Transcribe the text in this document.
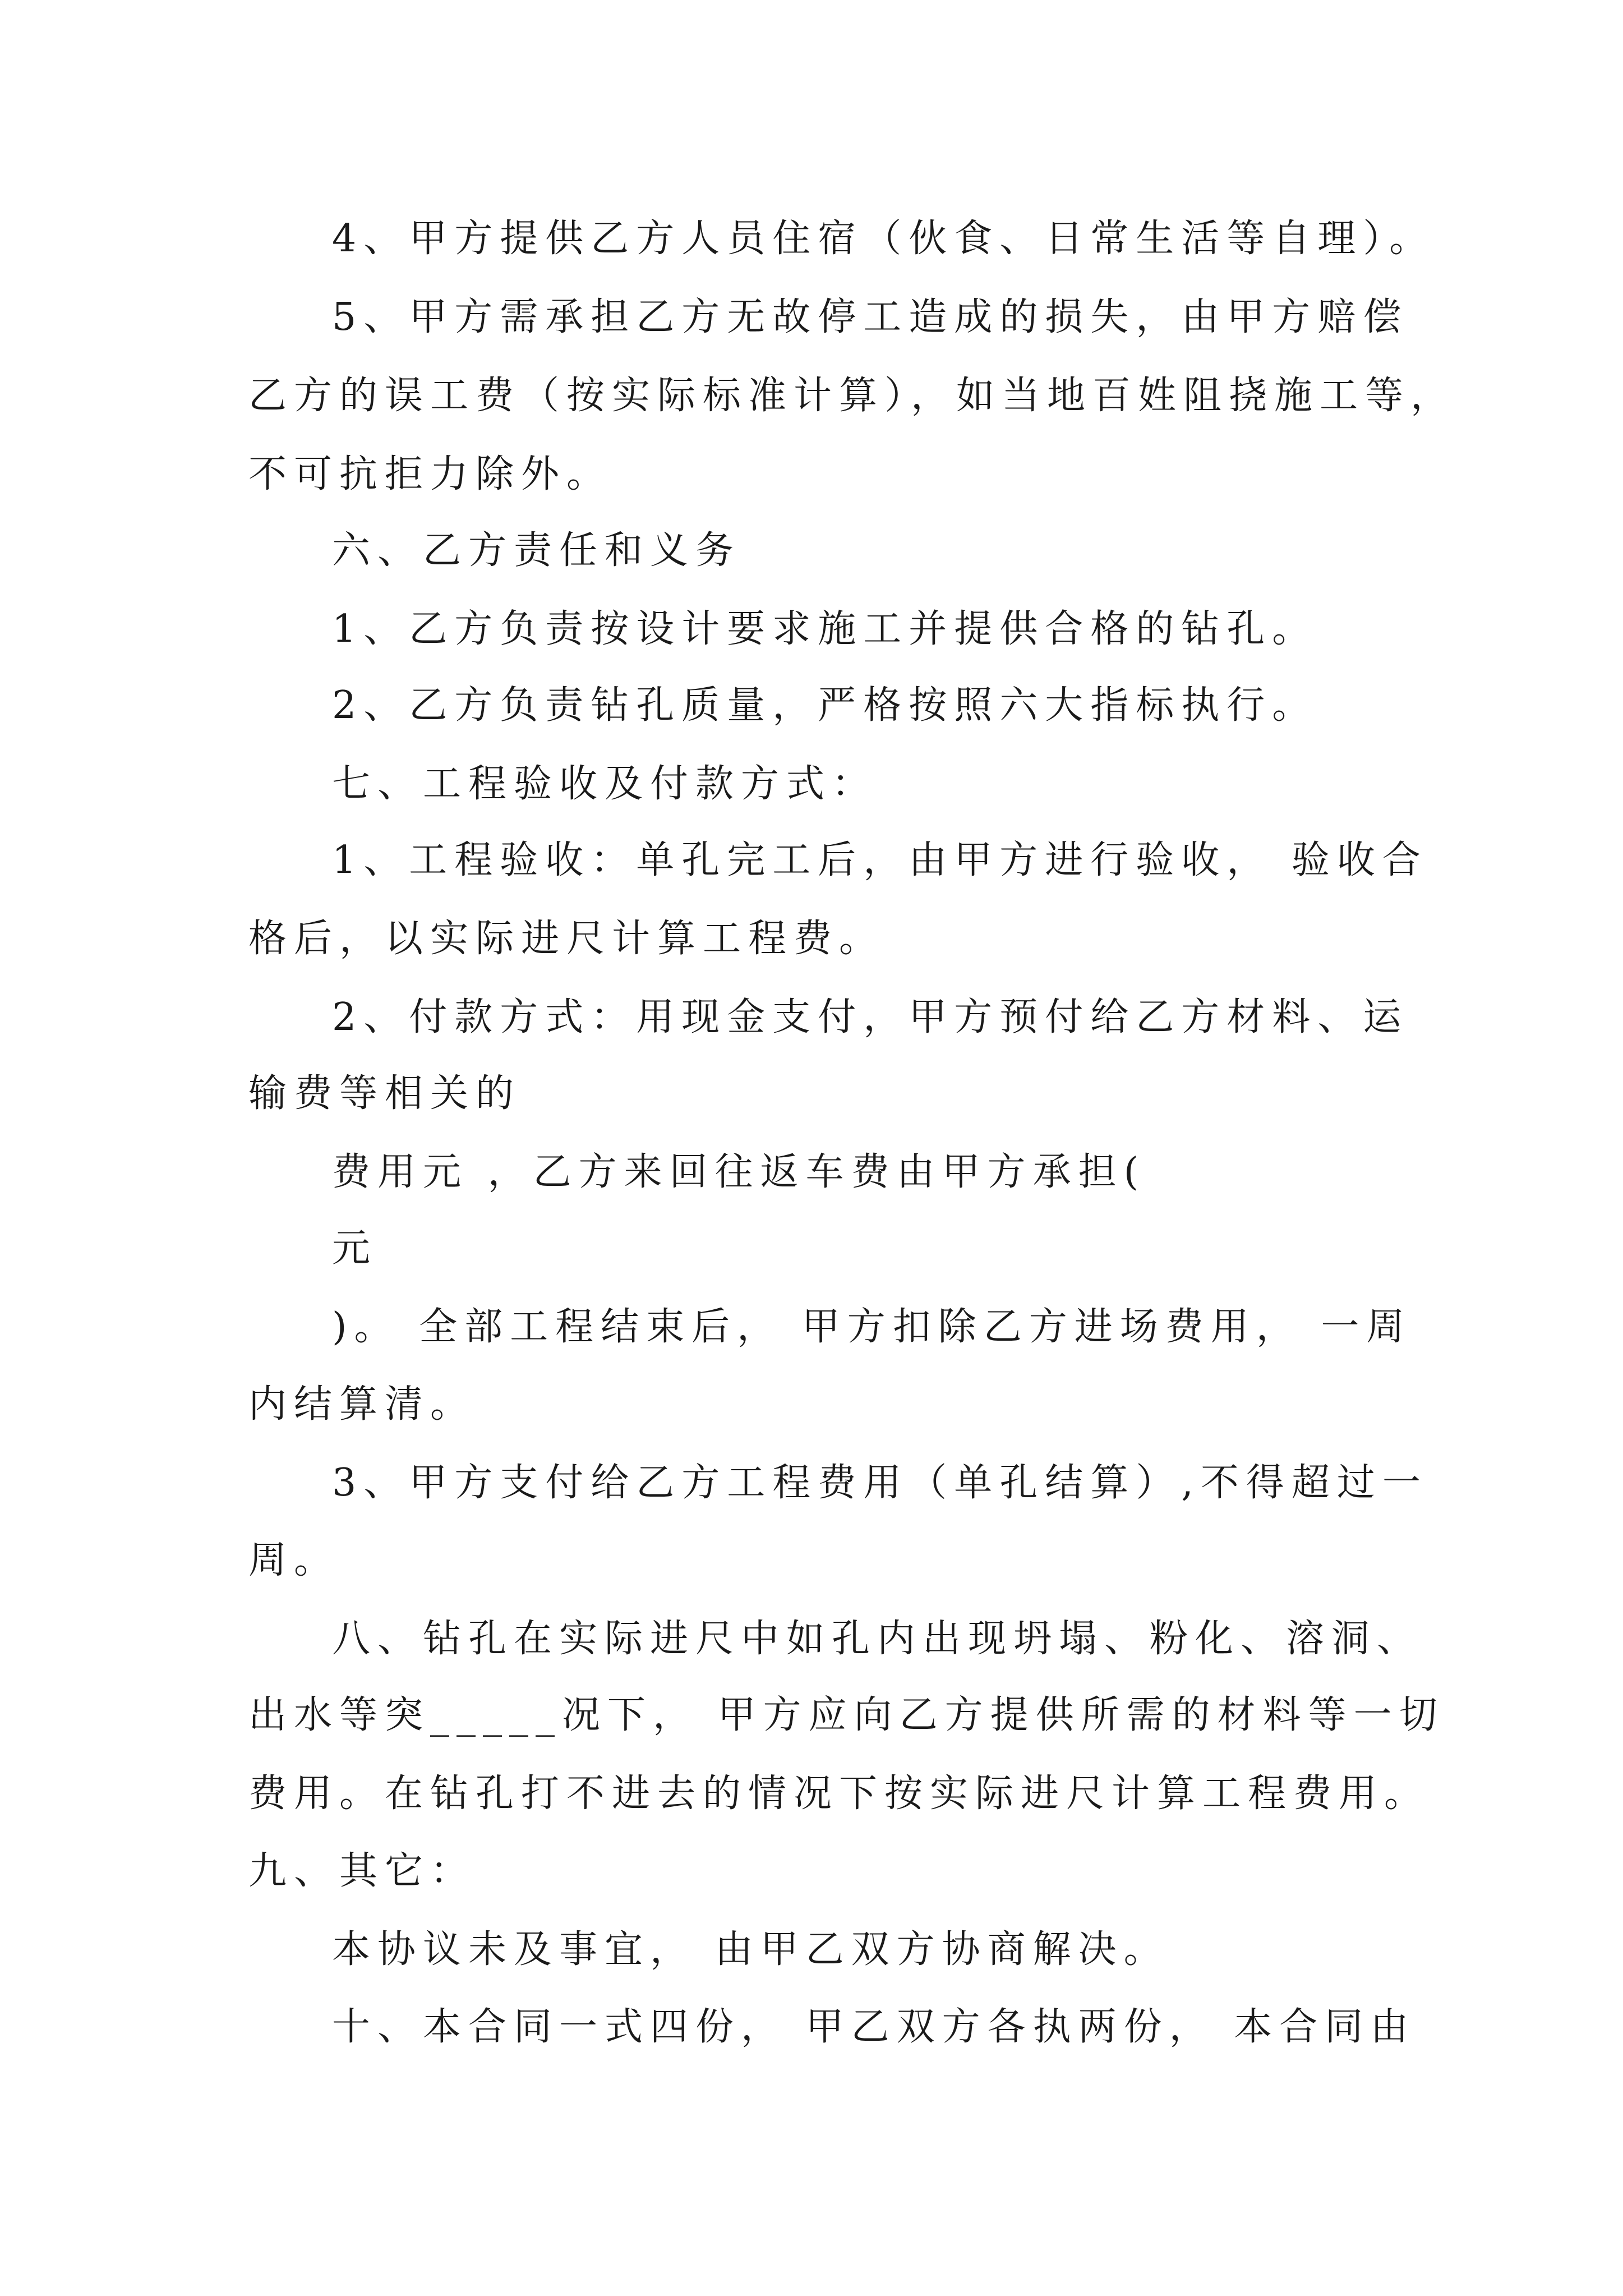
4、甲方提供乙方人员住宿（伙食、日常生活等自理）。

5、甲方需承担乙方无故停工造成的损失，由甲方赔偿

乙方的误工费（按实际标准计算），如当地百姓阻挠施工等，

不可抗拒力除外。

六、乙方责任和义务

1、乙方负责按设计要求施工并提供合格的钻孔。

2、乙方负责钻孔质量，严格按照六大指标执行。

七、工程验收及付款方式：

1、工程验收：单孔完工后，由甲方进行验收， 验收合

格后，以实际进尺计算工程费。

2、付款方式：用现金支付，甲方预付给乙方材料、运

输费等相关的

费用元 ，乙方来回往返车费由甲方承担(

元

)。 全部工程结束后， 甲方扣除乙方进场费用， 一周

内结算清。

3、甲方支付给乙方工程费用（单孔结算）,不得超过一

周。

八、钻孔在实际进尺中如孔内出现坍塌、粉化、溶洞、

出水等突_____况下， 甲方应向乙方提供所需的材料等一切

费用。在钻孔打不进去的情况下按实际进尺计算工程费用。

九、其它：

本协议未及事宜， 由甲乙双方协商解决。

十、本合同一式四份， 甲乙双方各执两份， 本合同由
